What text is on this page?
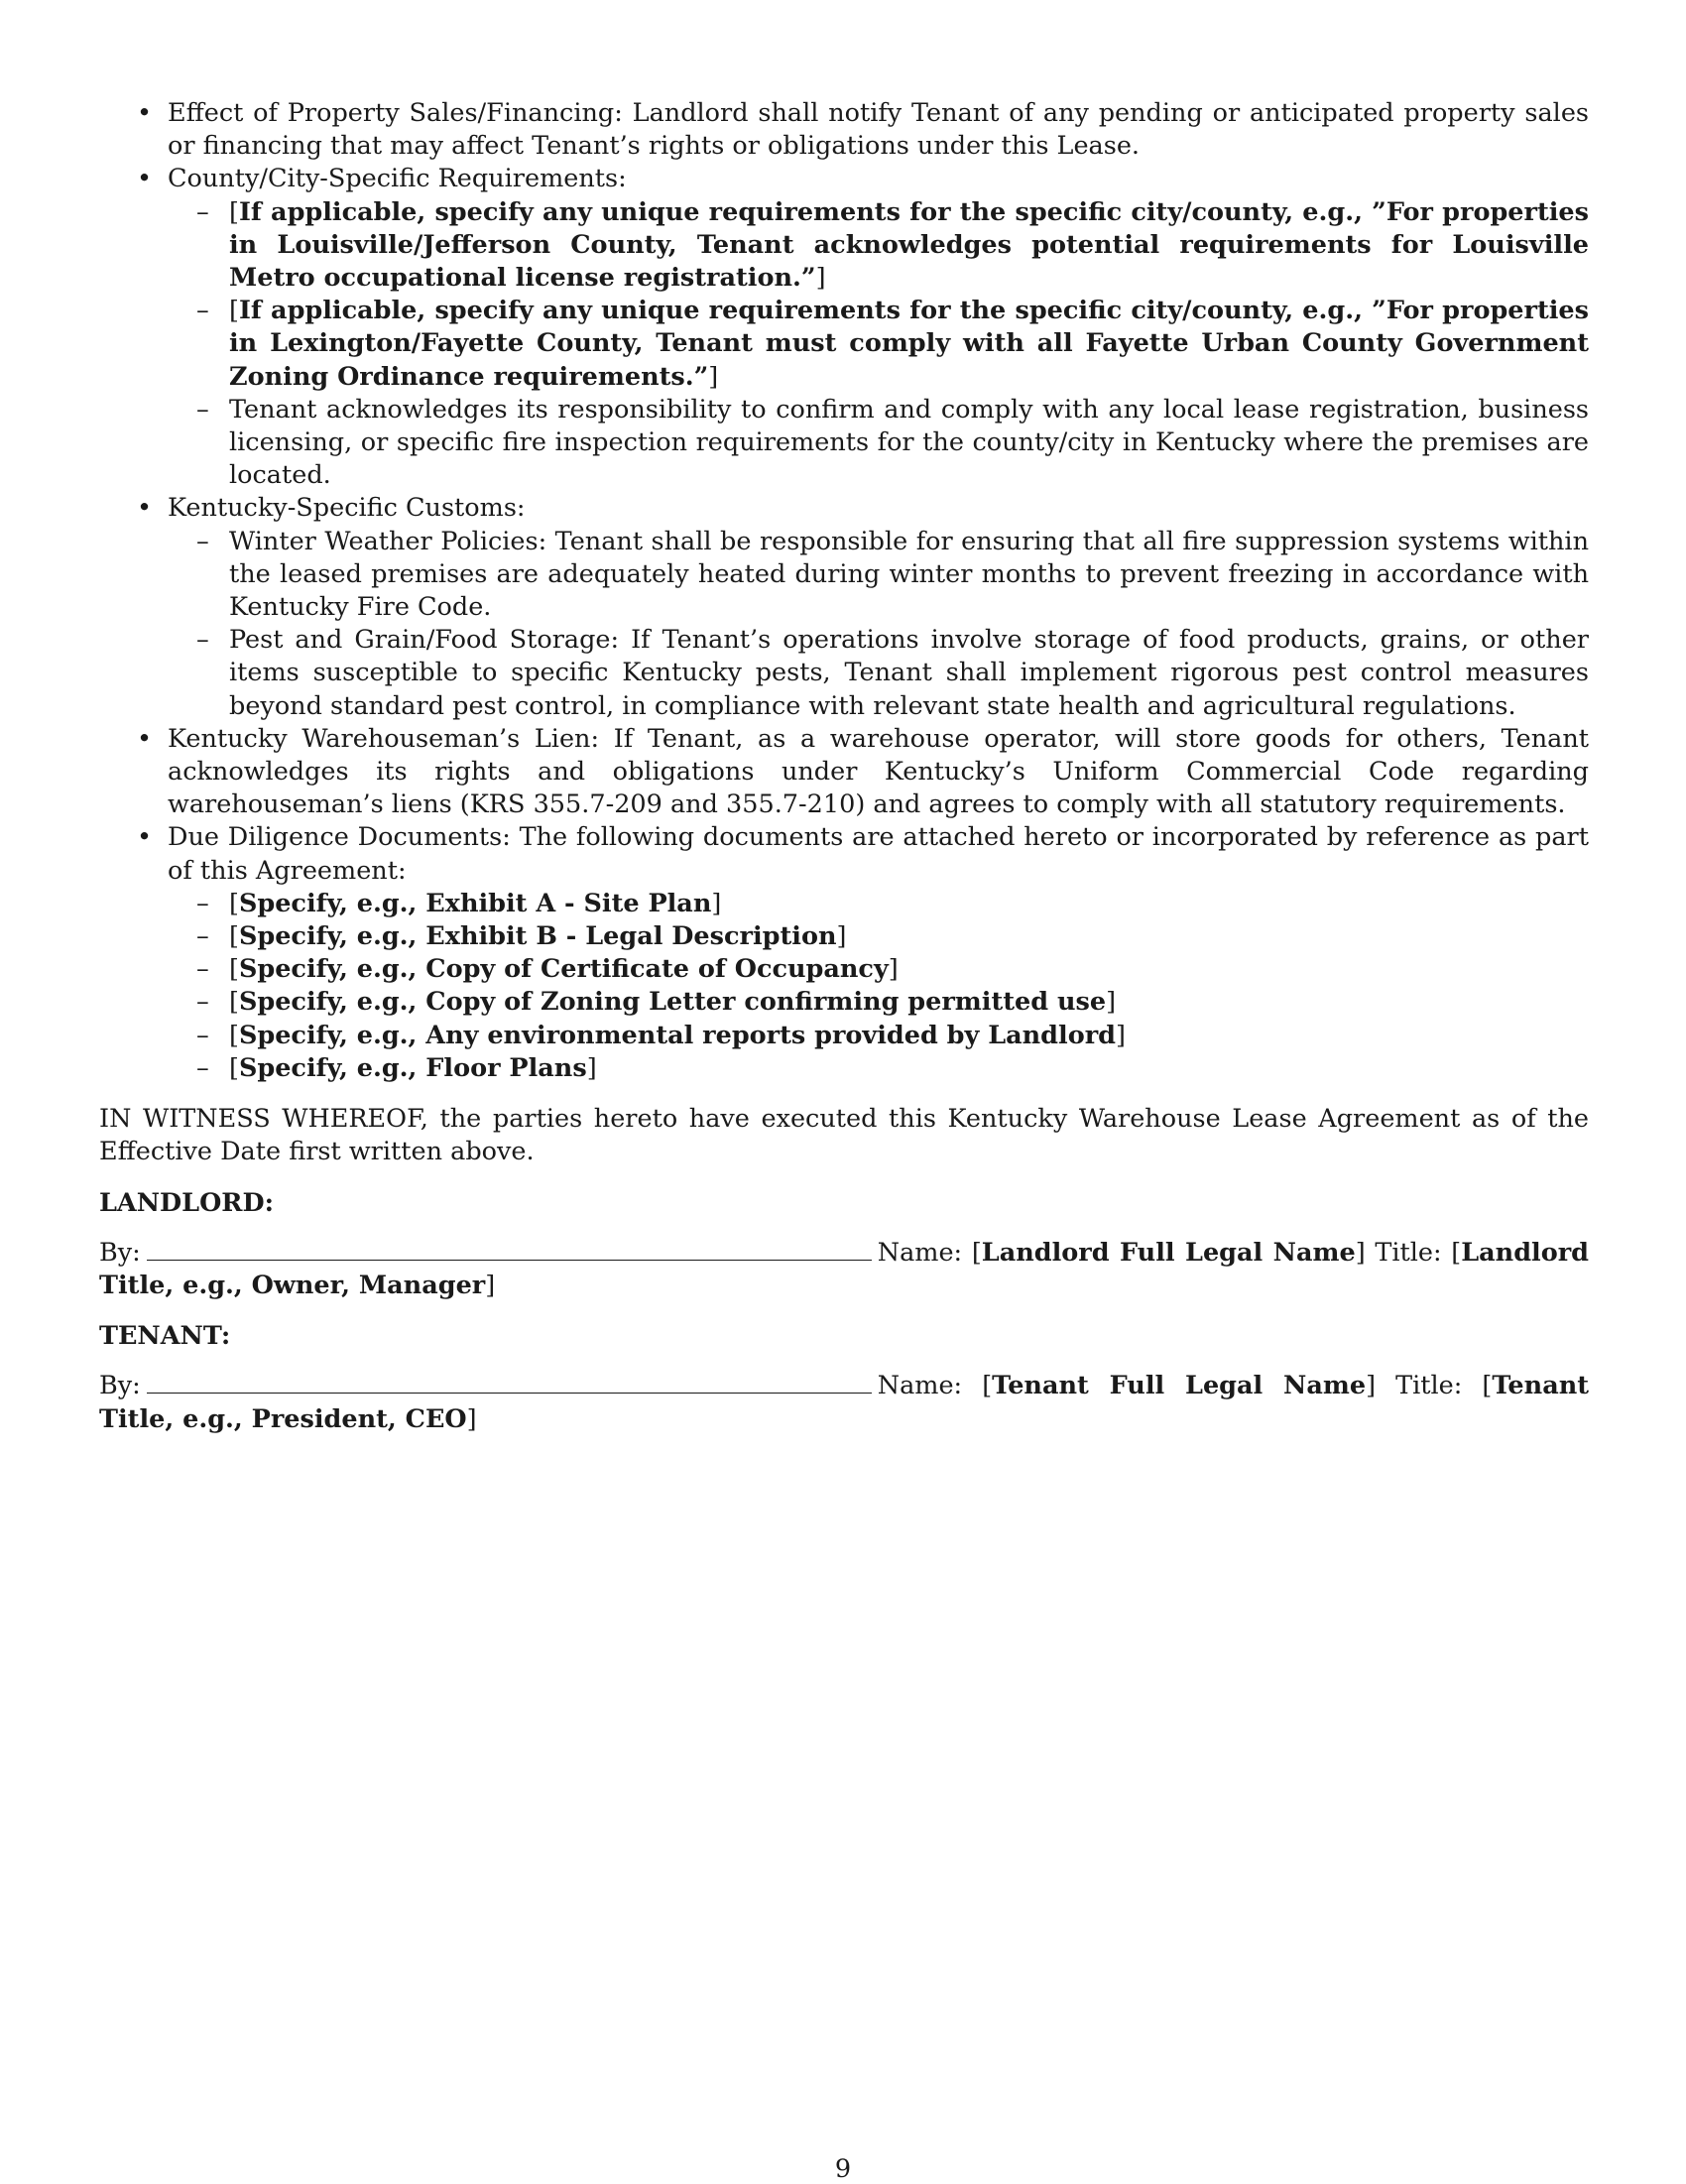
• Effect of Property Sales/Financing: Landlord shall notify Tenant of any pending or anticipated property sales or financing that may affect Tenant’s rights or obligations under this Lease.
• County/City-Specific Requirements:
– [If applicable, specify any unique requirements for the specific city/county, e.g., ”For properties in Louisville/Jefferson County, Tenant acknowledges potential requirements for Louisville Metro occupational license registration.”]
– [If applicable, specify any unique requirements for the specific city/county, e.g., ”For properties in Lexington/Fayette County, Tenant must comply with all Fayette Urban County Government Zoning Ordinance requirements.”]
– Tenant acknowledges its responsibility to confirm and comply with any local lease registration, business licensing, or specific fire inspection requirements for the county/city in Kentucky where the premises are located.
• Kentucky-Specific Customs:
– Winter Weather Policies: Tenant shall be responsible for ensuring that all fire suppression systems within the leased premises are adequately heated during winter months to prevent freezing in accordance with Kentucky Fire Code.
– Pest and Grain/Food Storage: If Tenant’s operations involve storage of food products, grains, or other items susceptible to specific Kentucky pests, Tenant shall implement rigorous pest control measures beyond standard pest control, in compliance with relevant state health and agricultural regulations.
• Kentucky Warehouseman’s Lien: If Tenant, as a warehouse operator, will store goods for others, Tenant acknowledges its rights and obligations under Kentucky’s Uniform Commercial Code regarding warehouseman’s liens (KRS 355.7-209 and 355.7-210) and agrees to comply with all statutory requirements.
• Due Diligence Documents: The following documents are attached hereto or incorporated by reference as part of this Agreement:
– [Specify, e.g., Exhibit A - Site Plan]
– [Specify, e.g., Exhibit B - Legal Description]
– [Specify, e.g., Copy of Certificate of Occupancy]
– [Specify, e.g., Copy of Zoning Letter confirming permitted use]
– [Specify, e.g., Any environmental reports provided by Landlord]
– [Specify, e.g., Floor Plans]
IN WITNESS WHEREOF, the parties hereto have executed this Kentucky Warehouse Lease Agreement as of the Effective Date first written above.
LANDLORD:
By:	Name: [Landlord Full Legal Name] Title: [Landlord Title, e.g., Owner, Manager]
TENANT:
By:	Name: [Tenant Full Legal Name] Title: [Tenant Title, e.g., President, CEO]
9
